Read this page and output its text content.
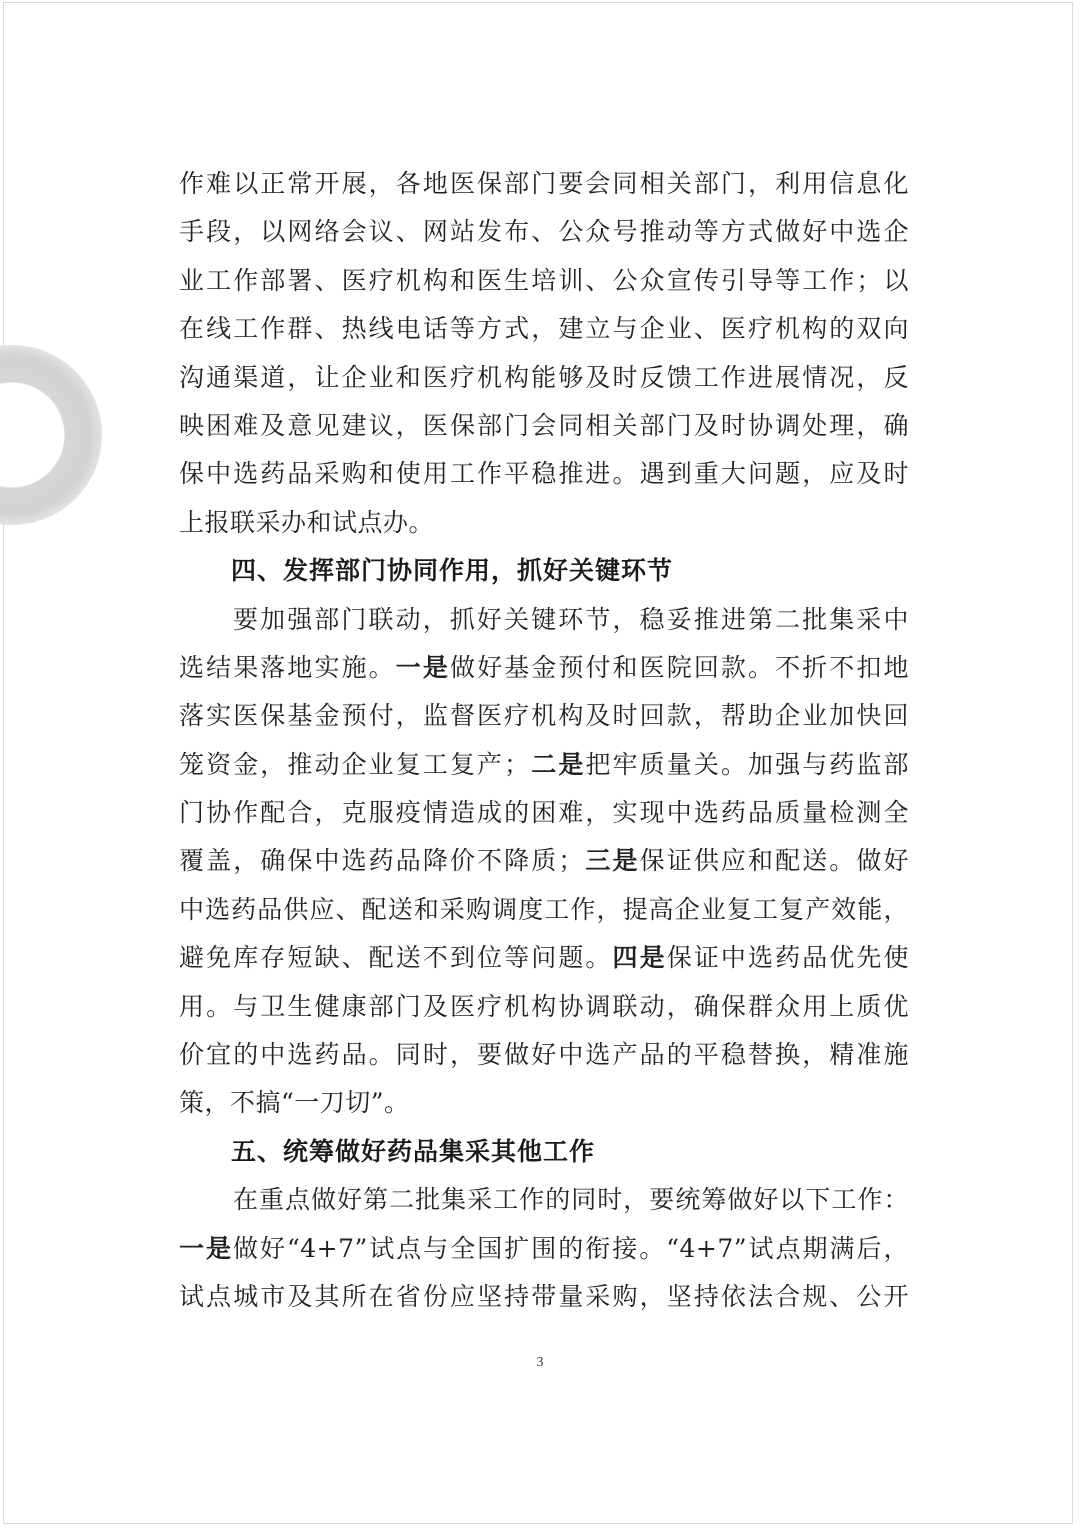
作难以正常开展，各地医保部门要会同相关部门，利用信息化
手段，以网络会议、网站发布、公众号推动等方式做好中选企
业工作部署、医疗机构和医生培训、公众宣传引导等工作；以
在线工作群、热线电话等方式，建立与企业、医疗机构的双向
沟通渠道，让企业和医疗机构能够及时反馈工作进展情况，反
映困难及意见建议，医保部门会同相关部门及时协调处理，确
保中选药品采购和使用工作平稳推进。遇到重大问题，应及时
上报联采办和试点办。
四、发挥部门协同作用，抓好关键环节
要加强部门联动，抓好关键环节，稳妥推进第二批集采中
选结果落地实施。一是做好基金预付和医院回款。不折不扣地
落实医保基金预付，监督医疗机构及时回款，帮助企业加快回
笼资金，推动企业复工复产；二是把牢质量关。加强与药监部
门协作配合，克服疫情造成的困难，实现中选药品质量检测全
覆盖，确保中选药品降价不降质；三是保证供应和配送。做好
中选药品供应、配送和采购调度工作，提高企业复工复产效能，
避免库存短缺、配送不到位等问题。四是保证中选药品优先使
用。与卫生健康部门及医疗机构协调联动，确保群众用上质优
价宜的中选药品。同时，要做好中选产品的平稳替换，精准施
策，不搞“一刀切”。
五、统筹做好药品集采其他工作
在重点做好第二批集采工作的同时，要统筹做好以下工作：
一是做好“4+7”试点与全国扩围的衔接。“4+7”试点期满后，
试点城市及其所在省份应坚持带量采购，坚持依法合规、公开
3
